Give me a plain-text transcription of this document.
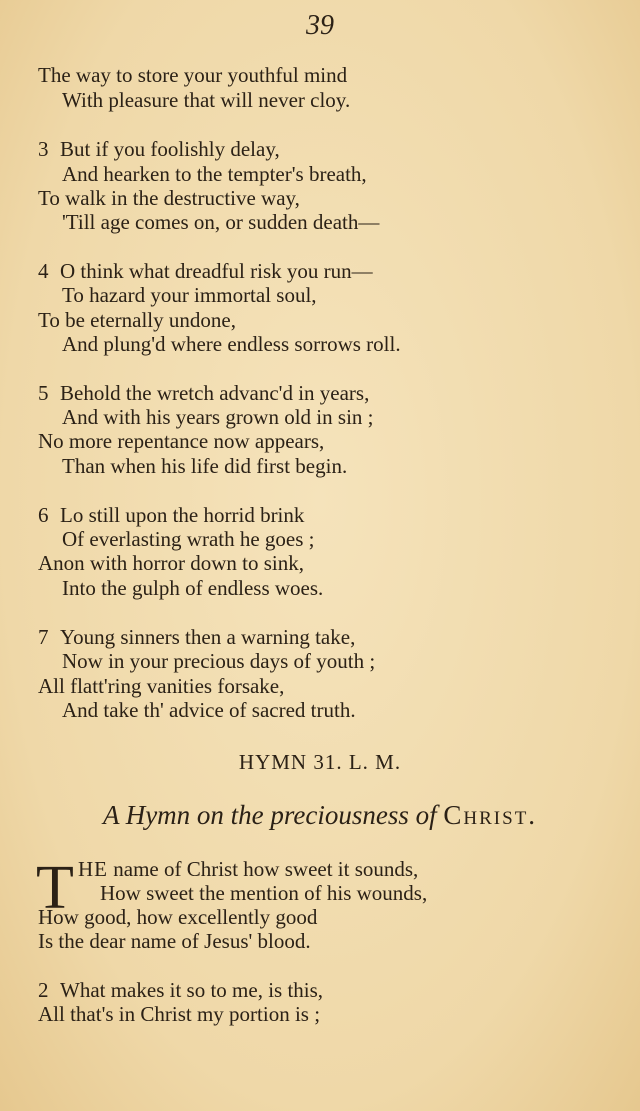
39
The way to store your youthful mind
With pleasure that will never cloy.
3 But if you foolishly delay,
And hearken to the tempter's breath,
To walk in the destructive way,
'Till age comes on, or sudden death—
4 O think what dreadful risk you run—
To hazard your immortal soul,
To be eternally undone,
And plung'd where endless sorrows roll.
5 Behold the wretch advanc'd in years,
And with his years grown old in sin ;
No more repentance now appears,
Than when his life did first begin.
6 Lo still upon the horrid brink
Of everlasting wrath he goes ;
Anon with horror down to sink,
Into the gulph of endless woes.
7 Young sinners then a warning take,
Now in your precious days of youth ;
All flatt'ring vanities forsake,
And take th' advice of sacred truth.
HYMN 31. L. M.
A Hymn on the preciousness of Christ.
T HE name of Christ how sweet it sounds,
How sweet the mention of his wounds,
How good, how excellently good
Is the dear name of Jesus' blood.
2 What makes it so to me, is this,
All that's in Christ my portion is ;
